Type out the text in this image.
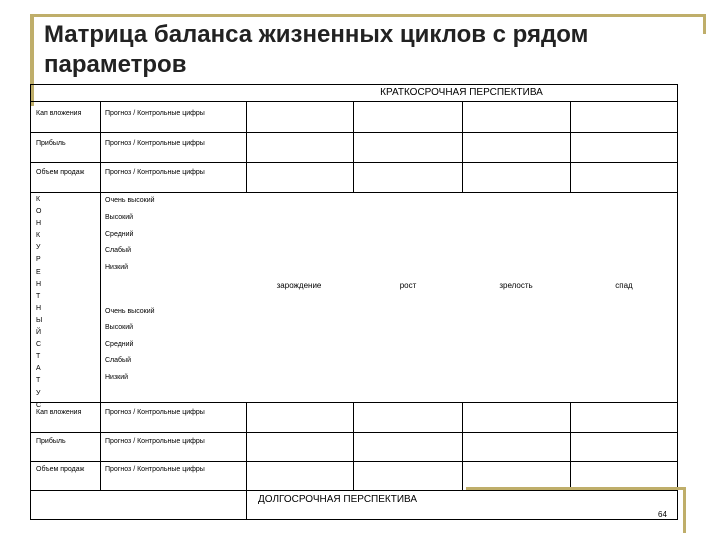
Матрица баланса жизненных циклов с рядом параметров
КРАТКОСРОЧНАЯ ПЕРСПЕКТИВА
Кап вложения	Прогноз / Контрольные цифры
Прибыль	Прогноз / Контрольные цифры
Объем продаж	Прогноз / Контрольные цифры
К
О
Н
К
У
Р
Е
Н
Т
Н
Ы
Й
С
Т
А
Т
У
С
Очень высокий
Высокий
Средний
Слабый
Низкий
зарождение	рост	зрелость	спад
Очень высокий
Высокий
Средний
Слабый
Низкий
Кап вложения	Прогноз / Контрольные цифры
Прибыль	Прогноз / Контрольные цифры
Объем продаж	Прогноз / Контрольные цифры
ДОЛГОСРОЧНАЯ ПЕРСПЕКТИВА
64
